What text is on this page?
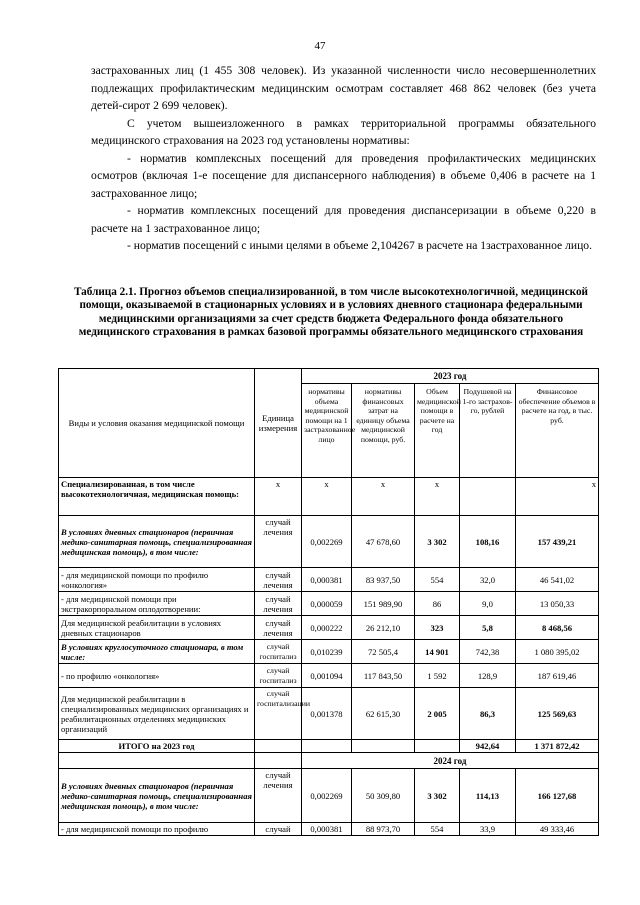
47

застрахованных лиц (1 455 308 человек). Из указанной численности число несовершеннолетних подлежащих профилактическим медицинским осмотрам составляет 468 862 человек (без учета детей-сирот 2 699 человек).

С учетом вышеизложенного в рамках территориальной программы обязательного медицинского страхования на 2023 год установлены нормативы:

- норматив комплексных посещений для проведения профилактических медицинских осмотров (включая 1-е посещение для диспансерного наблюдения) в объеме 0,406 в расчете на 1 застрахованное лицо;

- норматив комплексных посещений для проведения диспансеризации в объеме 0,220 в расчете на 1 застрахованное лицо;

- норматив посещений с иными целями в объеме 2,104267 в расчете на 1застрахованное лицо.

Таблица 2.1. Прогноз объемов специализированной, в том числе высокотехнологичной, медицинской помощи, оказываемой в стационарных условиях и в условиях дневного стационара федеральными медицинскими организациями за счет средств бюджета Федерального фонда обязательного медицинского страхования в рамках базовой программы обязательного медицинского страхования
Виды и условия оказания медицинской помощи	Единица измерения	2023 год				
		нормативы объема медицинской помощи на 1 застрахованное лицо	нормативы финансовых затрат на единицу объема медицинской помощи, руб.	Объем медицинской помощи в расчете на год	Подушевой на 1-го застрахов-го, рублей	Финансовое обеспечение объемов в расчете на год, в тыс. руб.
Специализированная, в том числе высокотехнологичная, медицинская помощь:	х	х	х	х		х
В условиях дневных стационаров (первичная медико-санитарная помощь, специализированная медицинская помощь), в том числе:	случай лечения	0,002269	47 678,60	3 302	108,16	157 439,21
- для медицинской помощи по профилю «онкология»	случай лечения	0,000381	83 937,50	554	32,0	46 541,02
- для медицинской помощи при экстракорпоральном оплодотворении:	случай лечения	0,000059	151 989,90	86	9,0	13 050,33
Для медицинской реабилитации в условиях дневных стационаров	случай лечения	0,000222	26 212,10	323	5,8	8 468,56
В условиях круглосуточного стационара, в том числе:	случай госпитализ	0,010239	72 505,4	14 901	742,38	1 080 395,02
- по профилю «онкология»	случай госпитализ	0,001094	117 843,50	1 592	128,9	187 619,46
Для медицинской реабилитации в специализированных медицинских организациях и реабилитационных отделениях медицинских организаций	случай госпитализации	0,001378	62 615,30	2 005	86,3	125 569,63
ИТОГО на 2023 год					942,64	1 371 872,42
		2024 год				
В условиях дневных стационаров (первичная медико-санитарная помощь, специализированная медицинская помощь), в том числе:	случай лечения	0,002269	50 309,80	3 302	114,13	166 127,68
- для медицинской помощи по профилю	случай	0,000381	88 973,70	554	33,9	49 333,46
